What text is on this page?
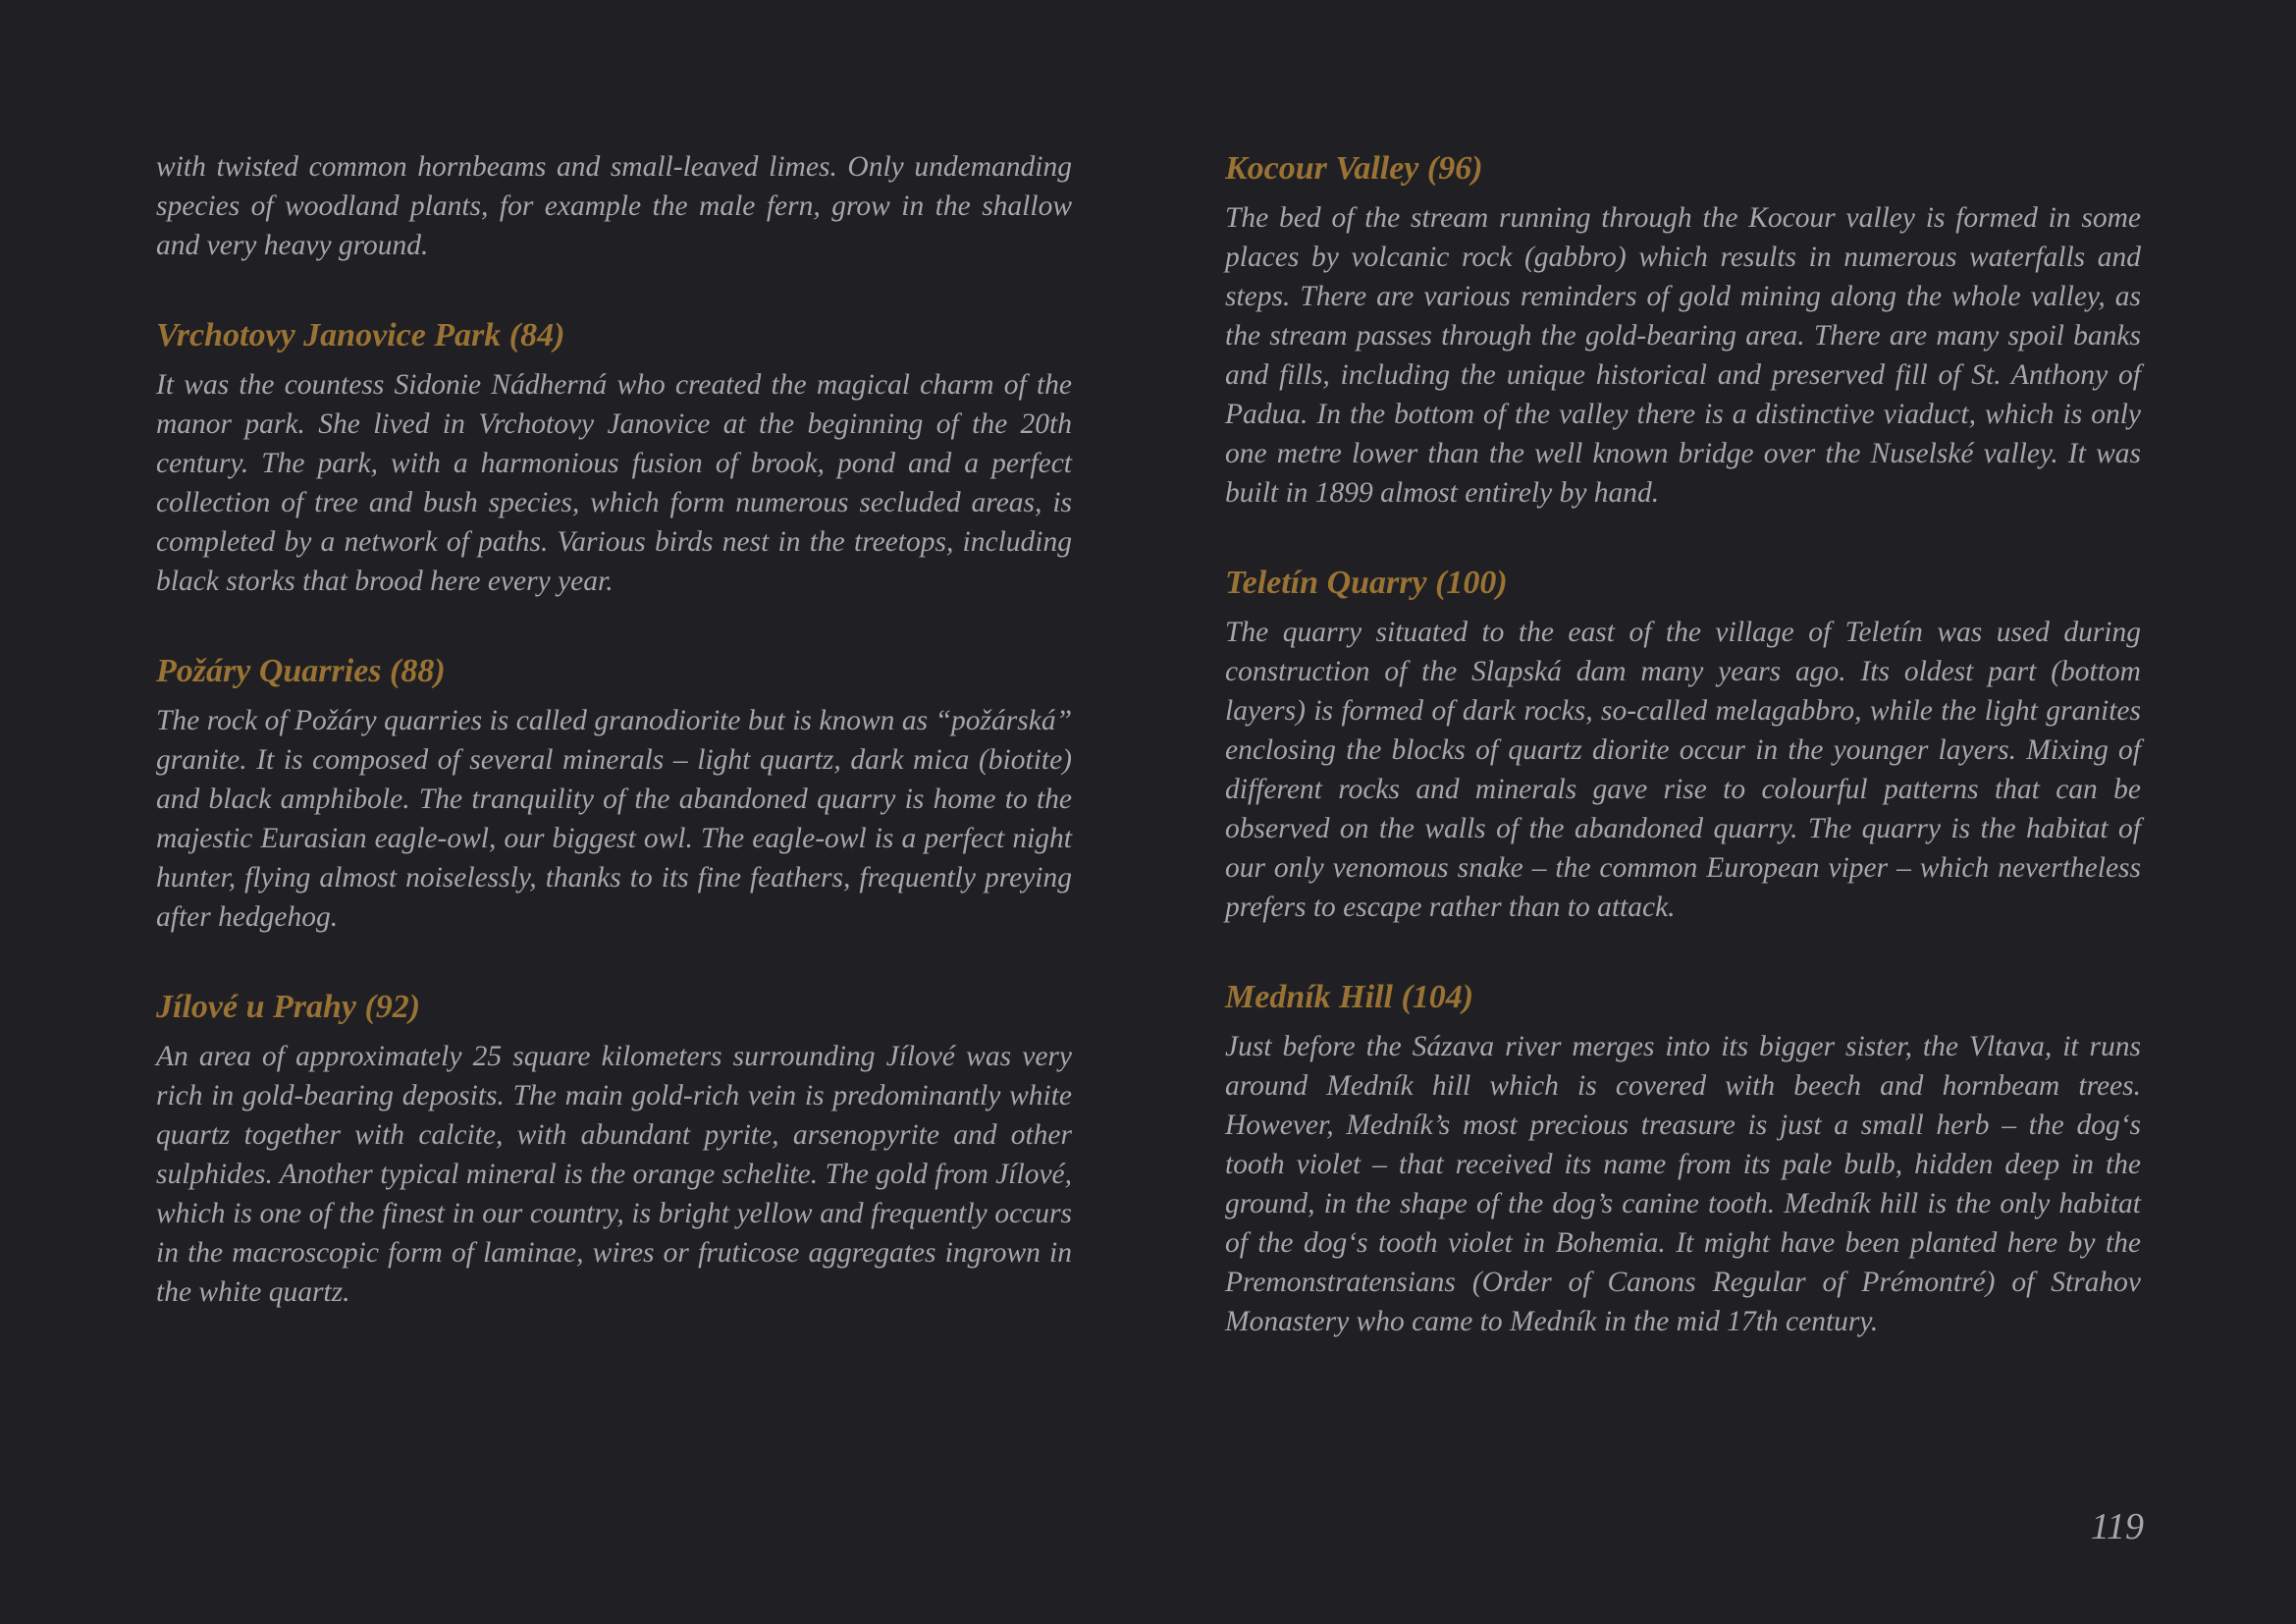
with twisted common hornbeams and small-leaved limes. Only undemanding species of woodland plants, for example the male fern, grow in the shallow and very heavy ground.

Vrchotovy Janovice Park (84)

It was the countess Sidonie Nádherná who created the magical charm of the manor park. She lived in Vrchotovy Janovice at the beginning of the 20th century. The park, with a harmonious fusion of brook, pond and a perfect collection of tree and bush species, which form numerous secluded areas, is completed by a network of paths. Various birds nest in the treetops, including black storks that brood here every year.

Požáry Quarries (88)

The rock of Požáry quarries is called granodiorite but is known as “požárská” granite. It is composed of several minerals – light quartz, dark mica (biotite) and black amphibole. The tranquility of the abandoned quarry is home to the majestic Eurasian eagle-owl, our biggest owl. The eagle-owl is a perfect night hunter, flying almost noiselessly, thanks to its fine feathers, frequently preying after hedgehog.

Jílové u Prahy (92)

An area of approximately 25 square kilometers surrounding Jílové was very rich in gold-bearing deposits. The main gold-rich vein is predominantly white quartz together with calcite, with abundant pyrite, arsenopyrite and other sulphides. Another typical mineral is the orange schelite. The gold from Jílové, which is one of the finest in our country, is bright yellow and frequently occurs in the macroscopic form of laminae, wires or fruticose aggregates ingrown in the white quartz.

Kocour Valley (96)

The bed of the stream running through the Kocour valley is formed in some places by volcanic rock (gabbro) which results in numerous waterfalls and steps. There are various reminders of gold mining along the whole valley, as the stream passes through the gold-bearing area. There are many spoil banks and fills, including the unique historical and preserved fill of St. Anthony of Padua. In the bottom of the valley there is a distinctive viaduct, which is only one metre lower than the well known bridge over the Nuselské valley. It was built in 1899 almost entirely by hand.

Teletín Quarry (100)

The quarry situated to the east of the village of Teletín was used during construction of the Slapská dam many years ago. Its oldest part (bottom layers) is formed of dark rocks, so-called melagabbro, while the light granites enclosing the blocks of quartz diorite occur in the younger layers. Mixing of different rocks and minerals gave rise to colourful patterns that can be observed on the walls of the abandoned quarry. The quarry is the habitat of our only venomous snake – the common European viper – which nevertheless prefers to escape rather than to attack.

Medník Hill (104)

Just before the Sázava river merges into its bigger sister, the Vltava, it runs around Medník hill which is covered with beech and hornbeam trees. However, Medník’s most precious treasure is just a small herb – the dog‘s tooth violet – that received its name from its pale bulb, hidden deep in the ground, in the shape of the dog’s canine tooth. Medník hill is the only habitat of the dog‘s tooth violet in Bohemia. It might have been planted here by the Premonstratensians (Order of Canons Regular of Prémontré) of Strahov Monastery who came to Medník in the mid 17th century.

119
